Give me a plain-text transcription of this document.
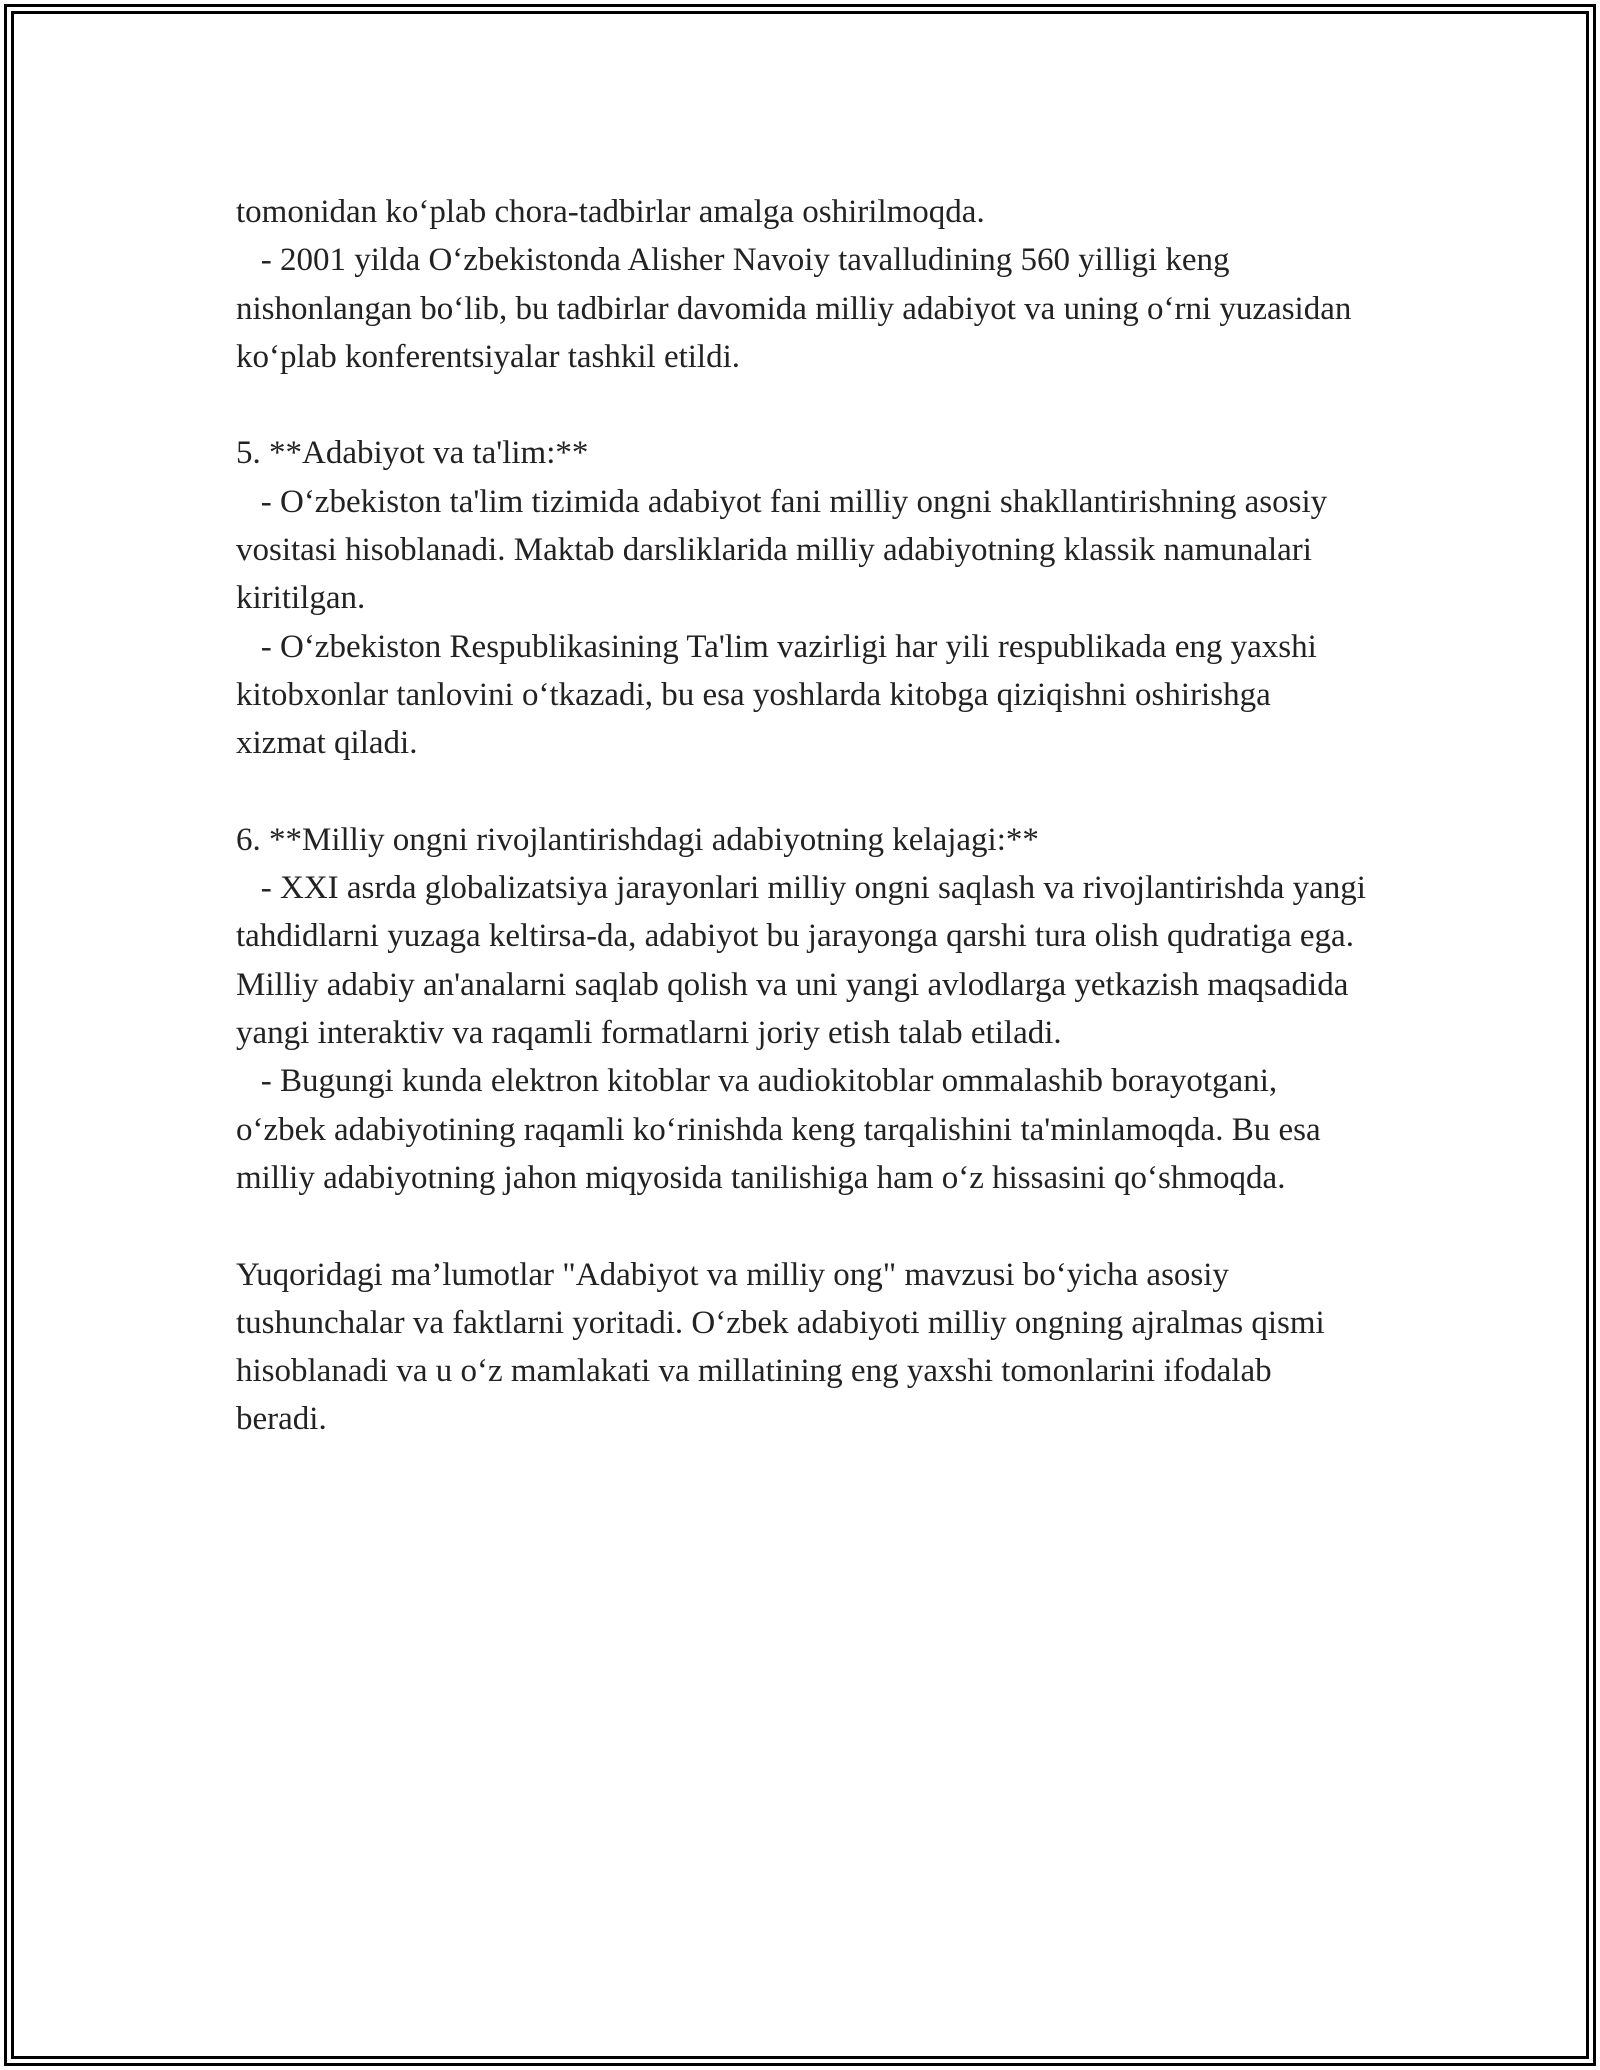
tomonidan ko‘plab chora-tadbirlar amalga oshirilmoqda.

- 2001 yilda O‘zbekistonda Alisher Navoiy tavalludining 560 yilligi keng nishonlangan bo‘lib, bu tadbirlar davomida milliy adabiyot va uning o‘rni yuzasidan ko‘plab konferentsiyalar tashkil etildi.

5. **Adabiyot va ta'lim:**

- O‘zbekiston ta'lim tizimida adabiyot fani milliy ongni shakllantirishning asosiy vositasi hisoblanadi. Maktab darsliklarida milliy adabiyotning klassik namunalari kiritilgan.

- O‘zbekiston Respublikasining Ta'lim vazirligi har yili respublikada eng yaxshi kitobxonlar tanlovini o‘tkazadi, bu esa yoshlarda kitobga qiziqishni oshirishga xizmat qiladi.

6. **Milliy ongni rivojlantirishdagi adabiyotning kelajagi:**

- XXI asrda globalizatsiya jarayonlari milliy ongni saqlash va rivojlantirishda yangi tahdidlarni yuzaga keltirsa-da, adabiyot bu jarayonga qarshi tura olish qudratiga ega. Milliy adabiy an'analarni saqlab qolish va uni yangi avlodlarga yetkazish maqsadida yangi interaktiv va raqamli formatlarni joriy etish talab etiladi.

- Bugungi kunda elektron kitoblar va audiokitoblar ommalashib borayotgani, o‘zbek adabiyotining raqamli ko‘rinishda keng tarqalishini ta'minlamoqda. Bu esa milliy adabiyotning jahon miqyosida tanilishiga ham o‘z hissasini qo‘shmoqda.

Yuqoridagi ma’lumotlar "Adabiyot va milliy ong" mavzusi bo‘yicha asosiy tushunchalar va faktlarni yoritadi. O‘zbek adabiyoti milliy ongning ajralmas qismi hisoblanadi va u o‘z mamlakati va millatining eng yaxshi tomonlarini ifodalab beradi.
